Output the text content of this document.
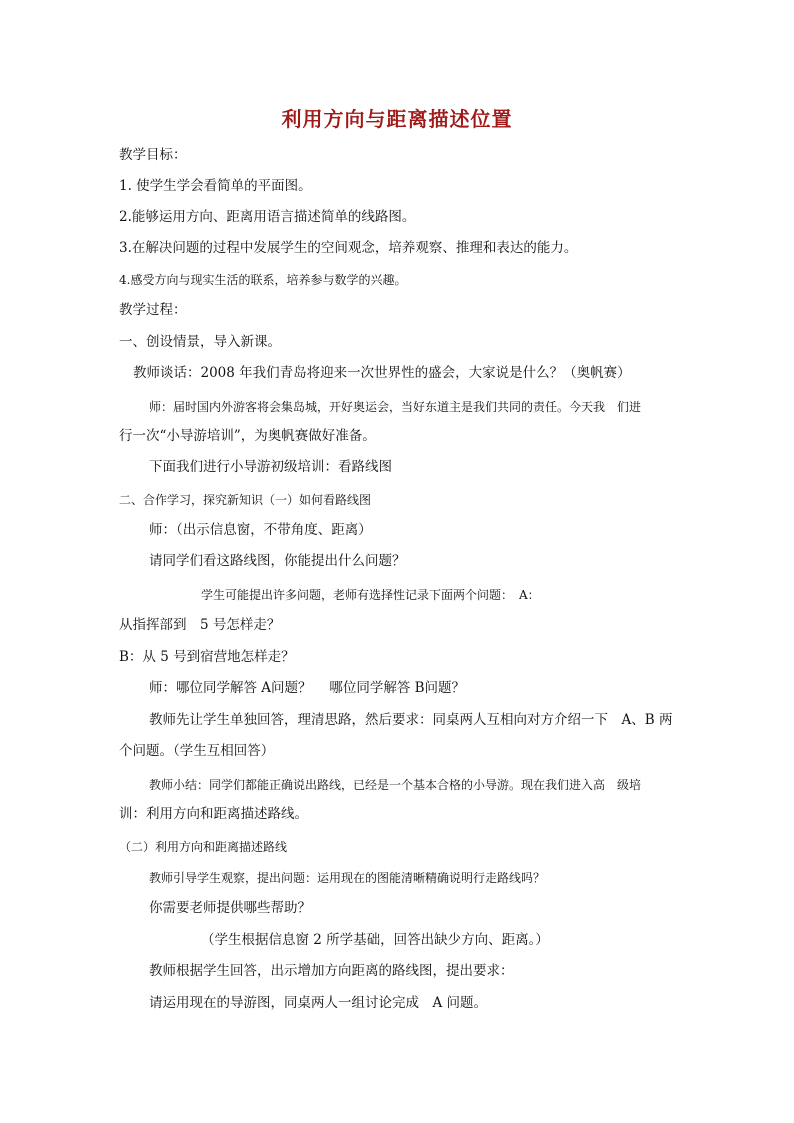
利用方向与距离描述位置

教学目标：

1. 使学生学会看简单的平面图。

2.能够运用方向、距离用语言描述简单的线路图。

3.在解决问题的过程中发展学生的空间观念，培养观察、推理和表达的能力。

4.感受方向与现实生活的联系，培养参与数学的兴趣。

教学过程：

一、创设情景，导入新课。

教师谈话：2008 年我们青岛将迎来一次世界性的盛会，大家说是什么？（奥帆赛）

师：届时国内外游客将会集岛城，开好奥运会，当好东道主是我们共同的责任。今天我　们进

行一次“小导游培训”，为奥帆赛做好准备。

下面我们进行小导游初级培训：看路线图

二、合作学习，探究新知识（一）如何看路线图

师：（出示信息窗，不带角度、距离）

请同学们看这路线图，你能提出什么问题？

学生可能提出许多问题，老师有选择性记录下面两个问题：　A：

从指挥部到　5 号怎样走？

B：从 5 号到宿营地怎样走？

师：哪位同学解答 A问题？　 哪位同学解答 B问题？

教师先让学生单独回答，理清思路，然后要求：同桌两人互相向对方介绍一下　A、B 两

个问题。（学生互相回答）

教师小结：同学们都能正确说出路线，已经是一个基本合格的小导游。现在我们进入高　级培

训：利用方向和距离描述路线。

（二）利用方向和距离描述路线

教师引导学生观察，提出问题：运用现在的图能清晰精确说明行走路线吗？

你需要老师提供哪些帮助？

（学生根据信息窗 2 所学基础，回答出缺少方向、距离。）

教师根据学生回答，出示增加方向距离的路线图，提出要求：

请运用现在的导游图，同桌两人一组讨论完成　A 问题。
